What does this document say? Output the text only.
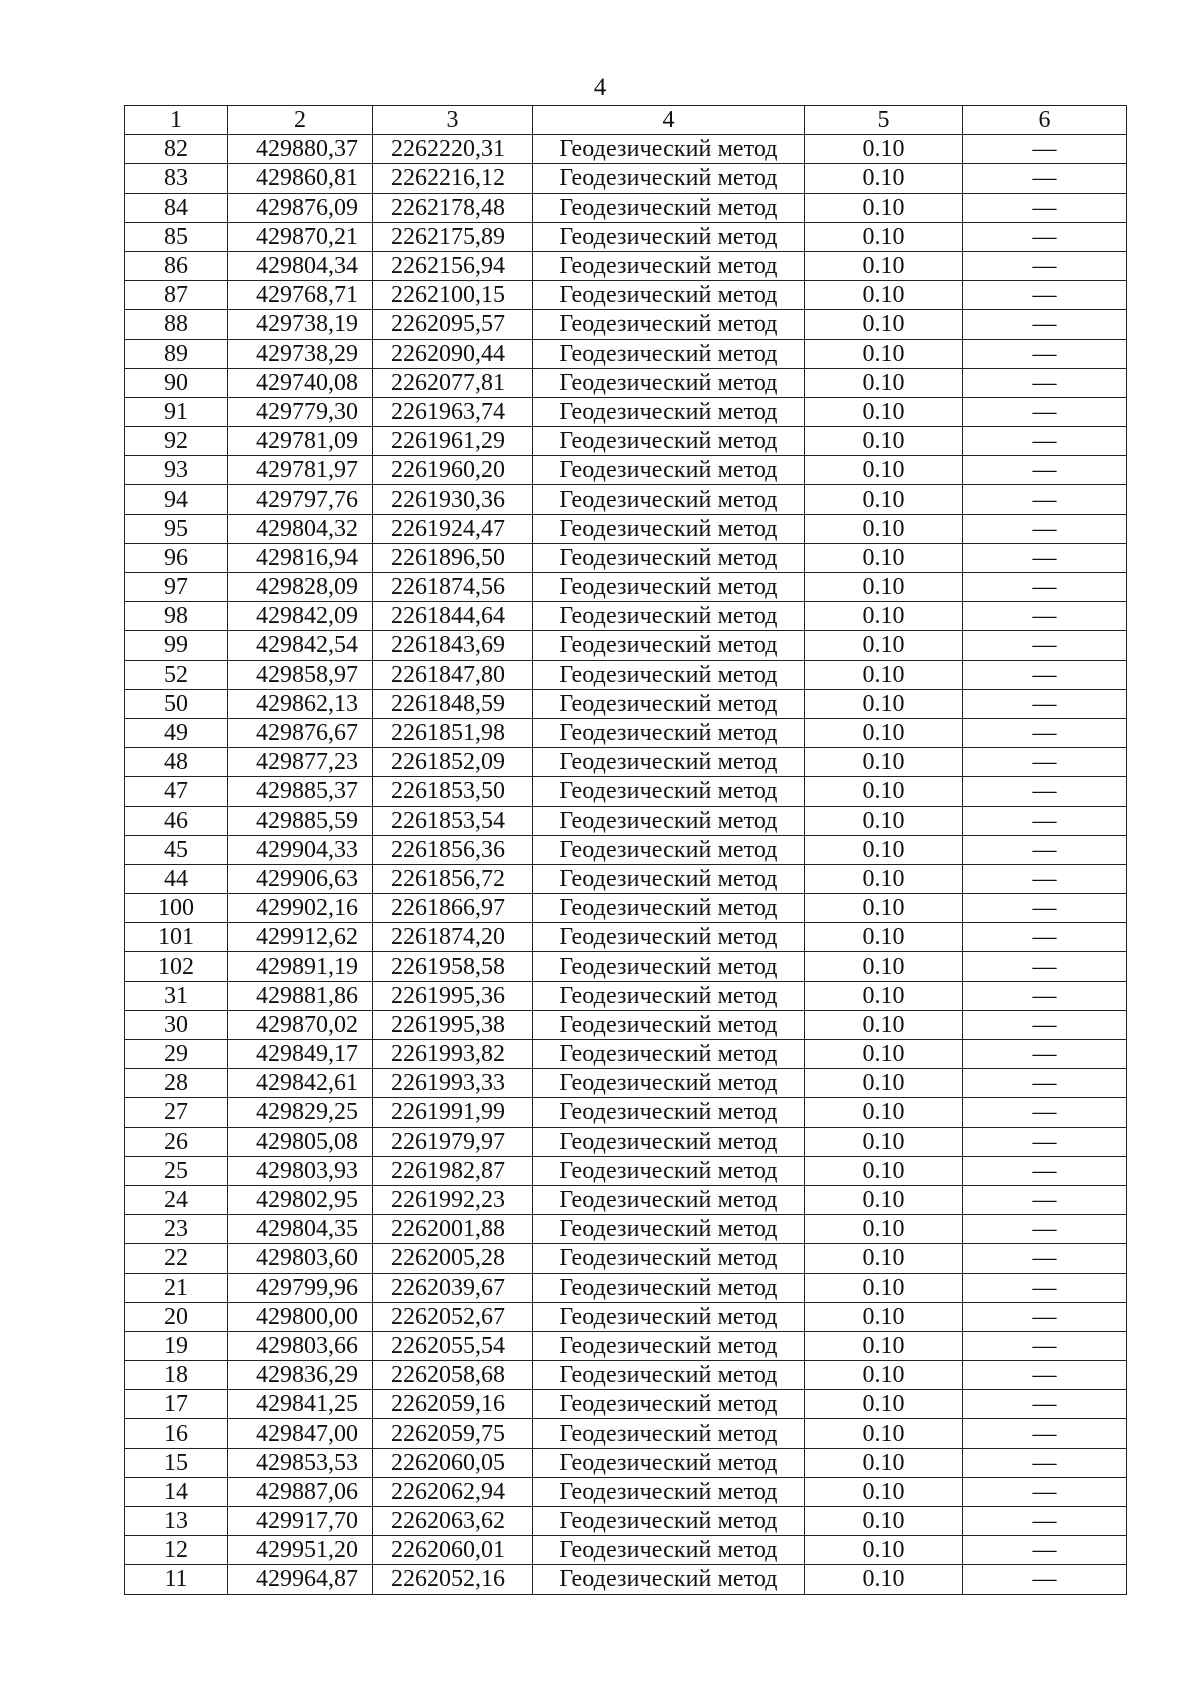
4
1	2	3	4	5	6
82	429880,37	2262220,31	Геодезический метод	0.10	—
83	429860,81	2262216,12	Геодезический метод	0.10	—
84	429876,09	2262178,48	Геодезический метод	0.10	—
85	429870,21	2262175,89	Геодезический метод	0.10	—
86	429804,34	2262156,94	Геодезический метод	0.10	—
87	429768,71	2262100,15	Геодезический метод	0.10	—
88	429738,19	2262095,57	Геодезический метод	0.10	—
89	429738,29	2262090,44	Геодезический метод	0.10	—
90	429740,08	2262077,81	Геодезический метод	0.10	—
91	429779,30	2261963,74	Геодезический метод	0.10	—
92	429781,09	2261961,29	Геодезический метод	0.10	—
93	429781,97	2261960,20	Геодезический метод	0.10	—
94	429797,76	2261930,36	Геодезический метод	0.10	—
95	429804,32	2261924,47	Геодезический метод	0.10	—
96	429816,94	2261896,50	Геодезический метод	0.10	—
97	429828,09	2261874,56	Геодезический метод	0.10	—
98	429842,09	2261844,64	Геодезический метод	0.10	—
99	429842,54	2261843,69	Геодезический метод	0.10	—
52	429858,97	2261847,80	Геодезический метод	0.10	—
50	429862,13	2261848,59	Геодезический метод	0.10	—
49	429876,67	2261851,98	Геодезический метод	0.10	—
48	429877,23	2261852,09	Геодезический метод	0.10	—
47	429885,37	2261853,50	Геодезический метод	0.10	—
46	429885,59	2261853,54	Геодезический метод	0.10	—
45	429904,33	2261856,36	Геодезический метод	0.10	—
44	429906,63	2261856,72	Геодезический метод	0.10	—
100	429902,16	2261866,97	Геодезический метод	0.10	—
101	429912,62	2261874,20	Геодезический метод	0.10	—
102	429891,19	2261958,58	Геодезический метод	0.10	—
31	429881,86	2261995,36	Геодезический метод	0.10	—
30	429870,02	2261995,38	Геодезический метод	0.10	—
29	429849,17	2261993,82	Геодезический метод	0.10	—
28	429842,61	2261993,33	Геодезический метод	0.10	—
27	429829,25	2261991,99	Геодезический метод	0.10	—
26	429805,08	2261979,97	Геодезический метод	0.10	—
25	429803,93	2261982,87	Геодезический метод	0.10	—
24	429802,95	2261992,23	Геодезический метод	0.10	—
23	429804,35	2262001,88	Геодезический метод	0.10	—
22	429803,60	2262005,28	Геодезический метод	0.10	—
21	429799,96	2262039,67	Геодезический метод	0.10	—
20	429800,00	2262052,67	Геодезический метод	0.10	—
19	429803,66	2262055,54	Геодезический метод	0.10	—
18	429836,29	2262058,68	Геодезический метод	0.10	—
17	429841,25	2262059,16	Геодезический метод	0.10	—
16	429847,00	2262059,75	Геодезический метод	0.10	—
15	429853,53	2262060,05	Геодезический метод	0.10	—
14	429887,06	2262062,94	Геодезический метод	0.10	—
13	429917,70	2262063,62	Геодезический метод	0.10	—
12	429951,20	2262060,01	Геодезический метод	0.10	—
11	429964,87	2262052,16	Геодезический метод	0.10	—
